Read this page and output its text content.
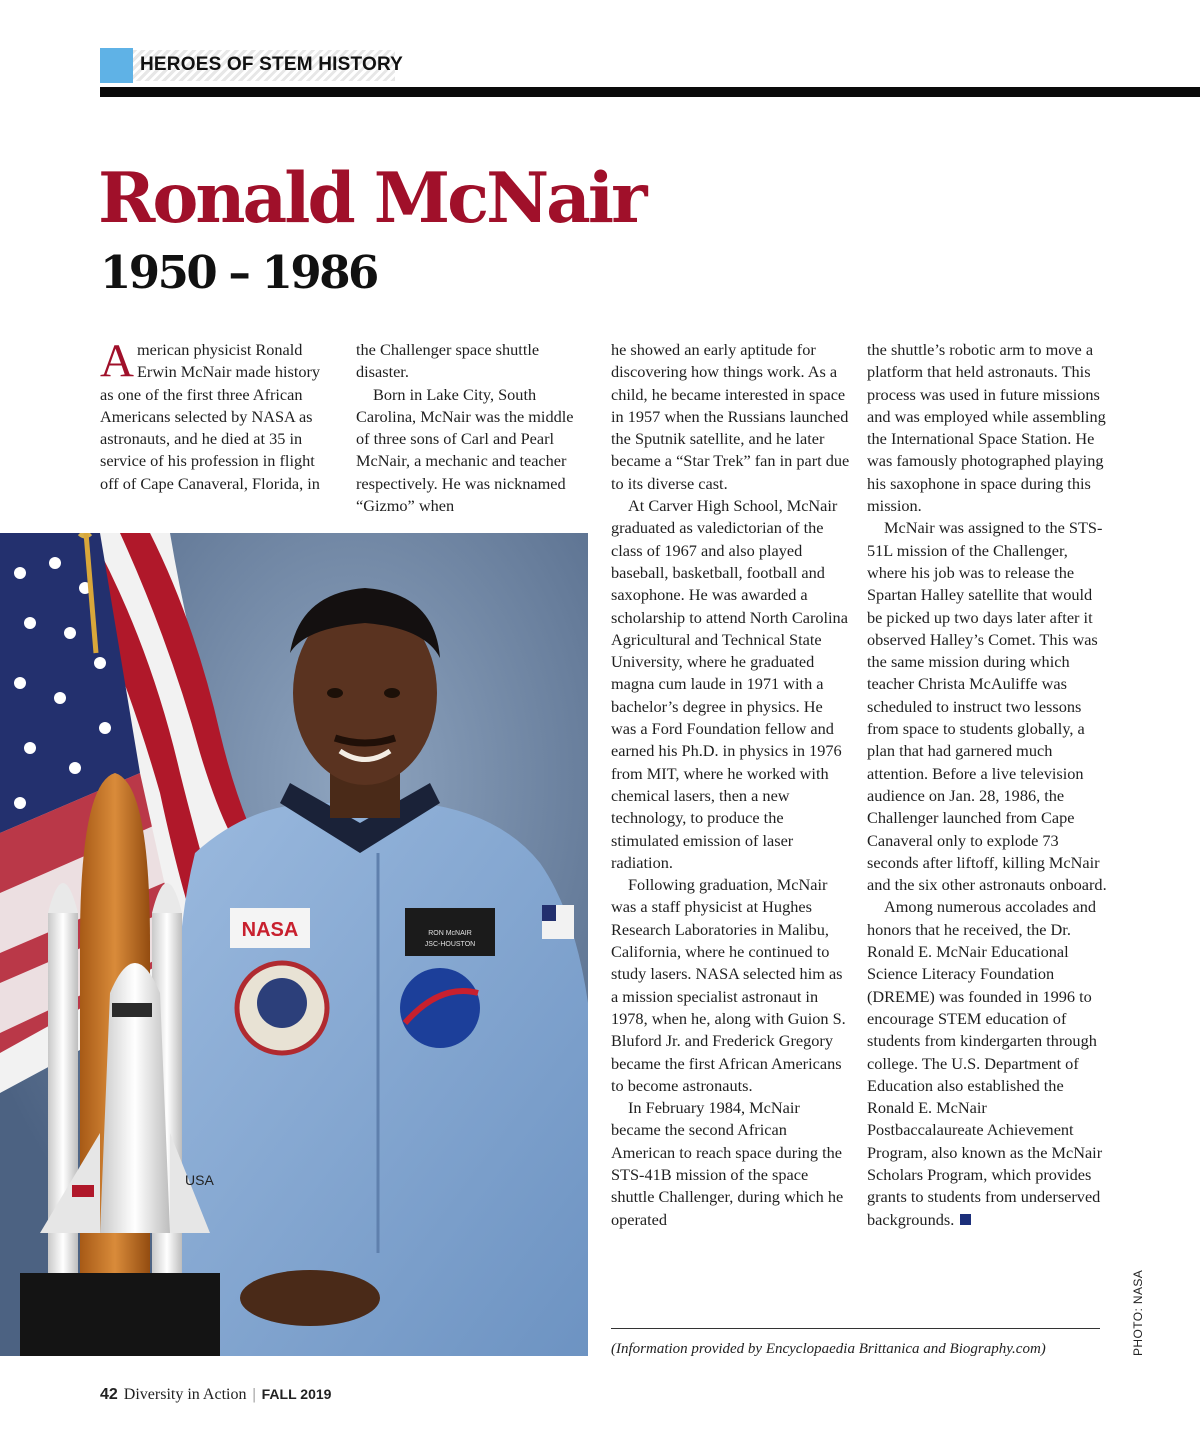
HEROES OF STEM HISTORY
Ronald McNair
1950 – 1986

American physicist Ronald Erwin McNair made history as one of the first three African Americans selected by NASA as astronauts, and he died at 35 in service of his profession in flight off of Cape Canaveral, Florida, in

the Challenger space shuttle disaster.

Born in Lake City, South Carolina, McNair was the middle of three sons of Carl and Pearl McNair, a mechanic and teacher respectively. He was nicknamed “Gizmo” when

he showed an early aptitude for discovering how things work. As a child, he became interested in space in 1957 when the Russians launched the Sputnik satellite, and he later became a “Star Trek” fan in part due to its diverse cast.

At Carver High School, McNair graduated as valedictorian of the class of 1967 and also played baseball, basketball, football and saxophone. He was awarded a scholarship to attend North Carolina Agricultural and Technical State University, where he graduated magna cum laude in 1971 with a bachelor’s degree in physics. He was a Ford Foundation fellow and earned his Ph.D. in physics in 1976 from MIT, where he worked with chemical lasers, then a new technology, to produce the stimulated emission of laser radiation.

Following graduation, McNair was a staff physicist at Hughes Research Laboratories in Malibu, California, where he continued to study lasers. NASA selected him as a mission specialist astronaut in 1978, when he, along with Guion S. Bluford Jr. and Frederick Gregory became the first African Americans to become astronauts.

In February 1984, McNair became the second African American to reach space during the STS-41B mission of the space shuttle Challenger, during which he operated

the shuttle’s robotic arm to move a platform that held astronauts. This process was used in future missions and was employed while assembling the International Space Station. He was famously photographed playing his saxophone in space during this mission.

McNair was assigned to the STS-51L mission of the Challenger, where his job was to release the Spartan Halley satellite that would be picked up two days later after it observed Halley’s Comet. This was the same mission during which teacher Christa McAuliffe was scheduled to instruct two lessons from space to students globally, a plan that had garnered much attention. Before a live television audience on Jan. 28, 1986, the Challenger launched from Cape Canaveral only to explode 73 seconds after liftoff, killing McNair and the six other astronauts onboard.

Among numerous accolades and honors that he received, the Dr. Ronald E. McNair Educational Science Literacy Foundation (DREME) was founded in 1996 to encourage STEM education of students from kindergarten through college. The U.S. Department of Education also established the Ronald E. McNair Postbaccalaureate Achievement Program, also known as the McNair Scholars Program, which provides grants to students from underserved backgrounds.

NASA	RON McNAIR
JSC-HOUSTON
USA
(Information provided by Encyclopaedia Brittanica and Biography.com)	PHOTO: NASA
42 Diversity in Action | FALL 2019
